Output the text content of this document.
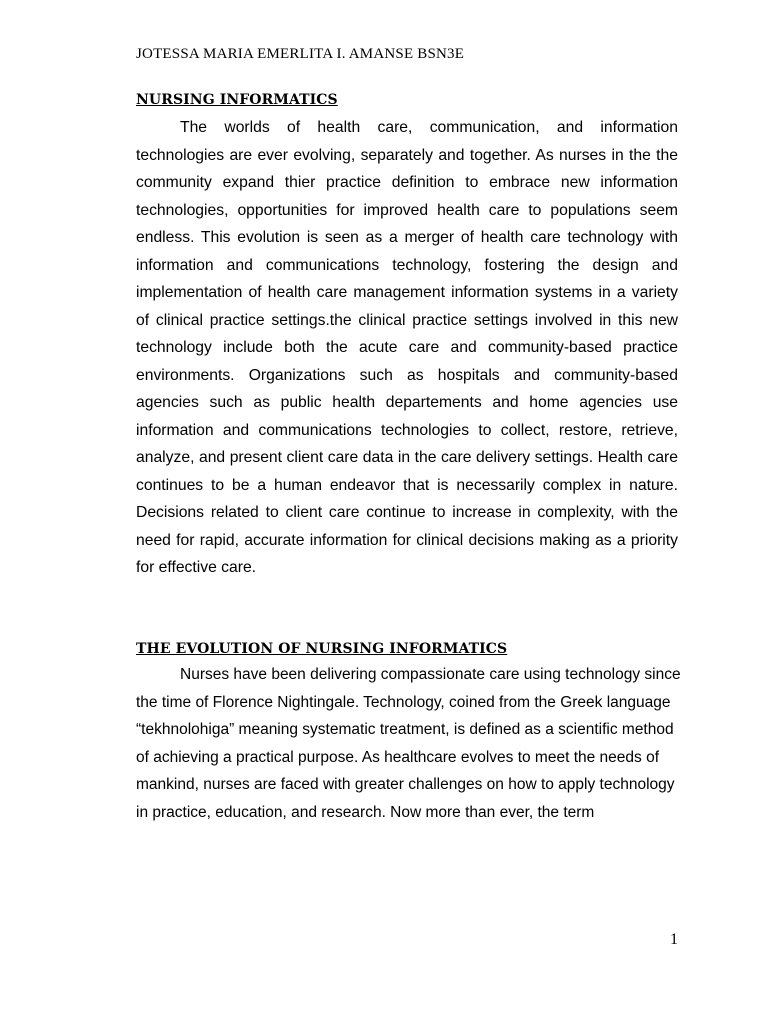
JOTESSA MARIA EMERLITA I. AMANSE BSN3E
NURSING INFORMATICS

The worlds of health care, communication, and information technologies are ever evolving, separately and together. As nurses in the the community expand thier practice definition to embrace new information technologies, opportunities for improved health care to populations seem endless. This evolution is seen as a merger of health care technology with information and communications technology, fostering the design and implementation of health care management information systems in a variety of clinical practice settings.the clinical practice settings involved in this new technology include both the acute care and community-based practice environments. Organizations such as hospitals and community-based agencies such as public health departements and home agencies use information and communications technologies to collect, restore, retrieve, analyze, and present client care data in the care delivery settings. Health care continues to be a human endeavor that is necessarily complex in nature. Decisions related to client care continue to increase in complexity, with the need for rapid, accurate information for clinical decisions making as a priority for effective care.

THE EVOLUTION OF NURSING INFORMATICS

Nurses have been delivering compassionate care using technology since the time of Florence Nightingale. Technology, coined from the Greek language “tekhnolohiga” meaning systematic treatment, is defined as a scientific method of achieving a practical purpose. As healthcare evolves to meet the needs of mankind, nurses are faced with greater challenges on how to apply technology in practice, education, and research. Now more than ever, the term

1
